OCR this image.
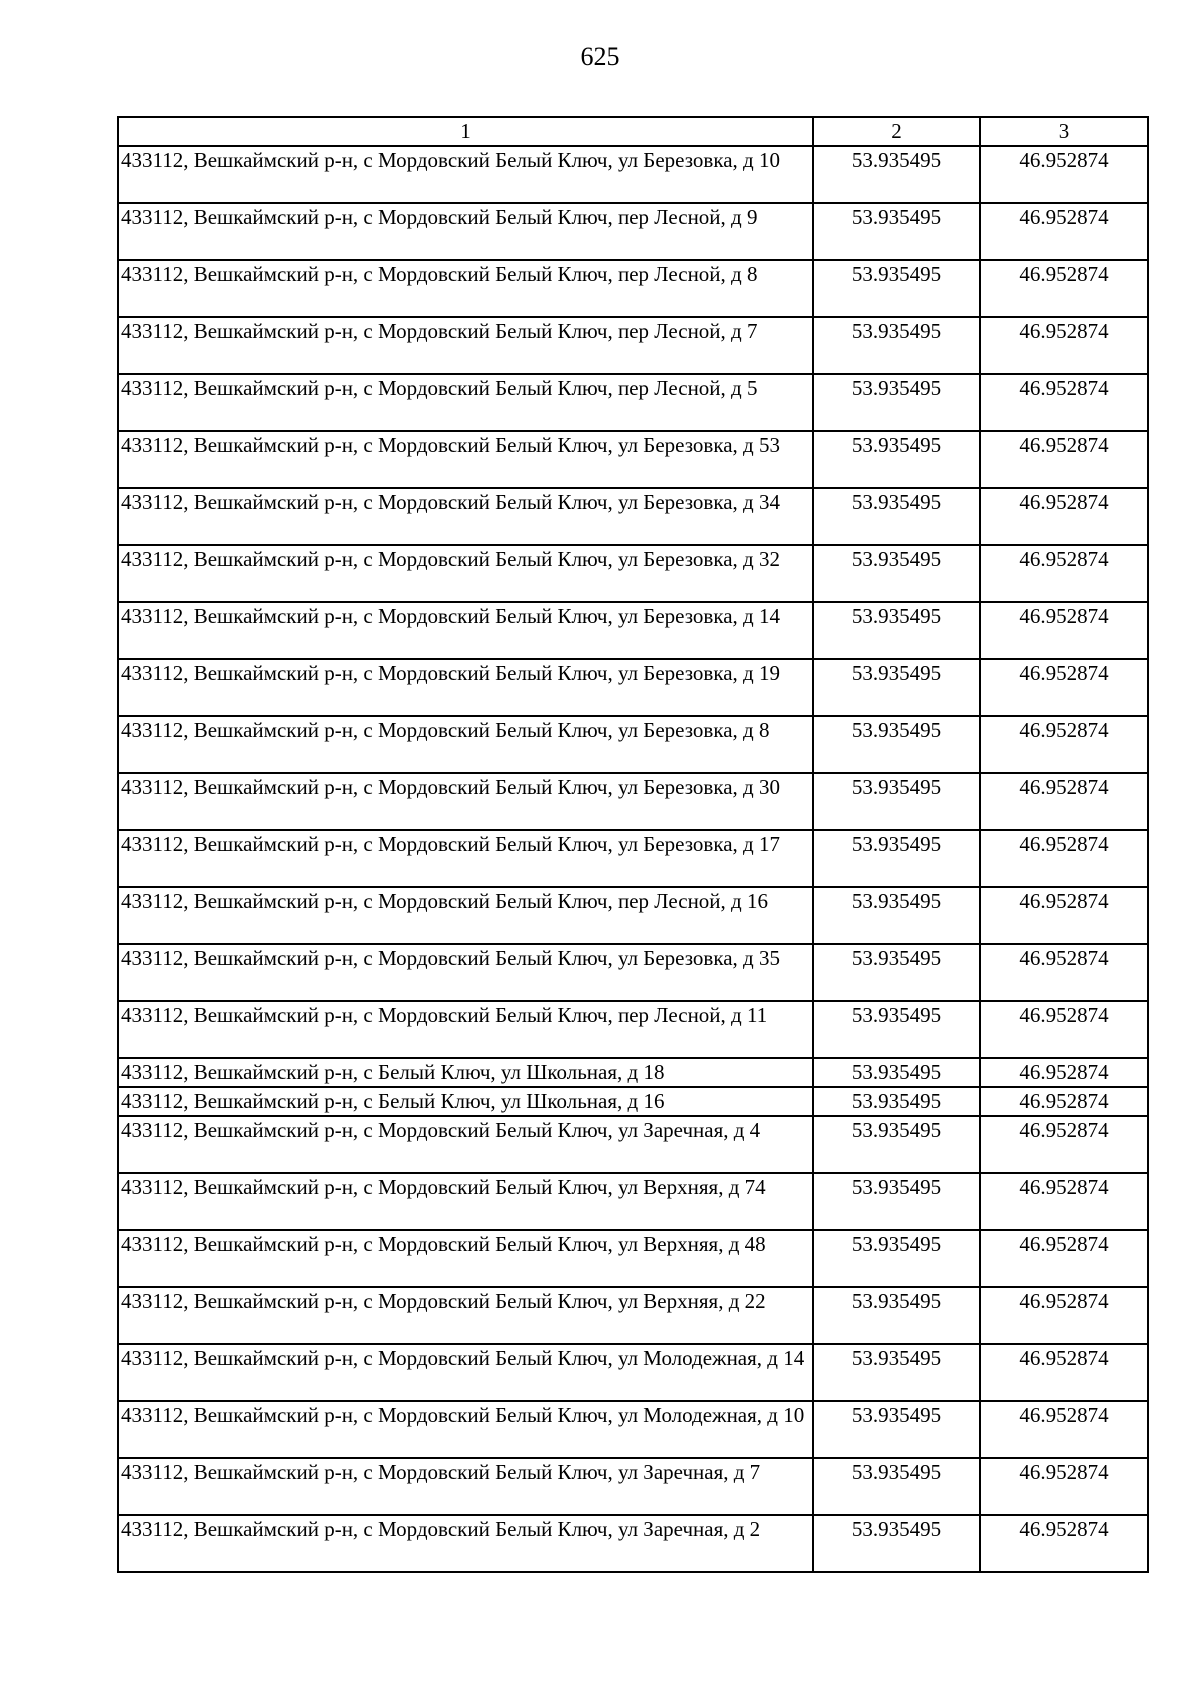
625
1	2	3
433112, Вешкаймский р-н, с Мордовский Белый Ключ, ул Березовка, д 10	53.935495	46.952874
433112, Вешкаймский р-н, с Мордовский Белый Ключ, пер Лесной, д 9	53.935495	46.952874
433112, Вешкаймский р-н, с Мордовский Белый Ключ, пер Лесной, д 8	53.935495	46.952874
433112, Вешкаймский р-н, с Мордовский Белый Ключ, пер Лесной, д 7	53.935495	46.952874
433112, Вешкаймский р-н, с Мордовский Белый Ключ, пер Лесной, д 5	53.935495	46.952874
433112, Вешкаймский р-н, с Мордовский Белый Ключ, ул Березовка, д 53	53.935495	46.952874
433112, Вешкаймский р-н, с Мордовский Белый Ключ, ул Березовка, д 34	53.935495	46.952874
433112, Вешкаймский р-н, с Мордовский Белый Ключ, ул Березовка, д 32	53.935495	46.952874
433112, Вешкаймский р-н, с Мордовский Белый Ключ, ул Березовка, д 14	53.935495	46.952874
433112, Вешкаймский р-н, с Мордовский Белый Ключ, ул Березовка, д 19	53.935495	46.952874
433112, Вешкаймский р-н, с Мордовский Белый Ключ, ул Березовка, д 8	53.935495	46.952874
433112, Вешкаймский р-н, с Мордовский Белый Ключ, ул Березовка, д 30	53.935495	46.952874
433112, Вешкаймский р-н, с Мордовский Белый Ключ, ул Березовка, д 17	53.935495	46.952874
433112, Вешкаймский р-н, с Мордовский Белый Ключ, пер Лесной, д 16	53.935495	46.952874
433112, Вешкаймский р-н, с Мордовский Белый Ключ, ул Березовка, д 35	53.935495	46.952874
433112, Вешкаймский р-н, с Мордовский Белый Ключ, пер Лесной, д 11	53.935495	46.952874
433112, Вешкаймский р-н, с Белый Ключ, ул Школьная, д 18	53.935495	46.952874
433112, Вешкаймский р-н, с Белый Ключ, ул Школьная, д 16	53.935495	46.952874
433112, Вешкаймский р-н, с Мордовский Белый Ключ, ул Заречная, д 4	53.935495	46.952874
433112, Вешкаймский р-н, с Мордовский Белый Ключ, ул Верхняя, д 74	53.935495	46.952874
433112, Вешкаймский р-н, с Мордовский Белый Ключ, ул Верхняя, д 48	53.935495	46.952874
433112, Вешкаймский р-н, с Мордовский Белый Ключ, ул Верхняя, д 22	53.935495	46.952874
433112, Вешкаймский р-н, с Мордовский Белый Ключ, ул Молодежная, д 14	53.935495	46.952874
433112, Вешкаймский р-н, с Мордовский Белый Ключ, ул Молодежная, д 10	53.935495	46.952874
433112, Вешкаймский р-н, с Мордовский Белый Ключ, ул Заречная, д 7	53.935495	46.952874
433112, Вешкаймский р-н, с Мордовский Белый Ключ, ул Заречная, д 2	53.935495	46.952874
